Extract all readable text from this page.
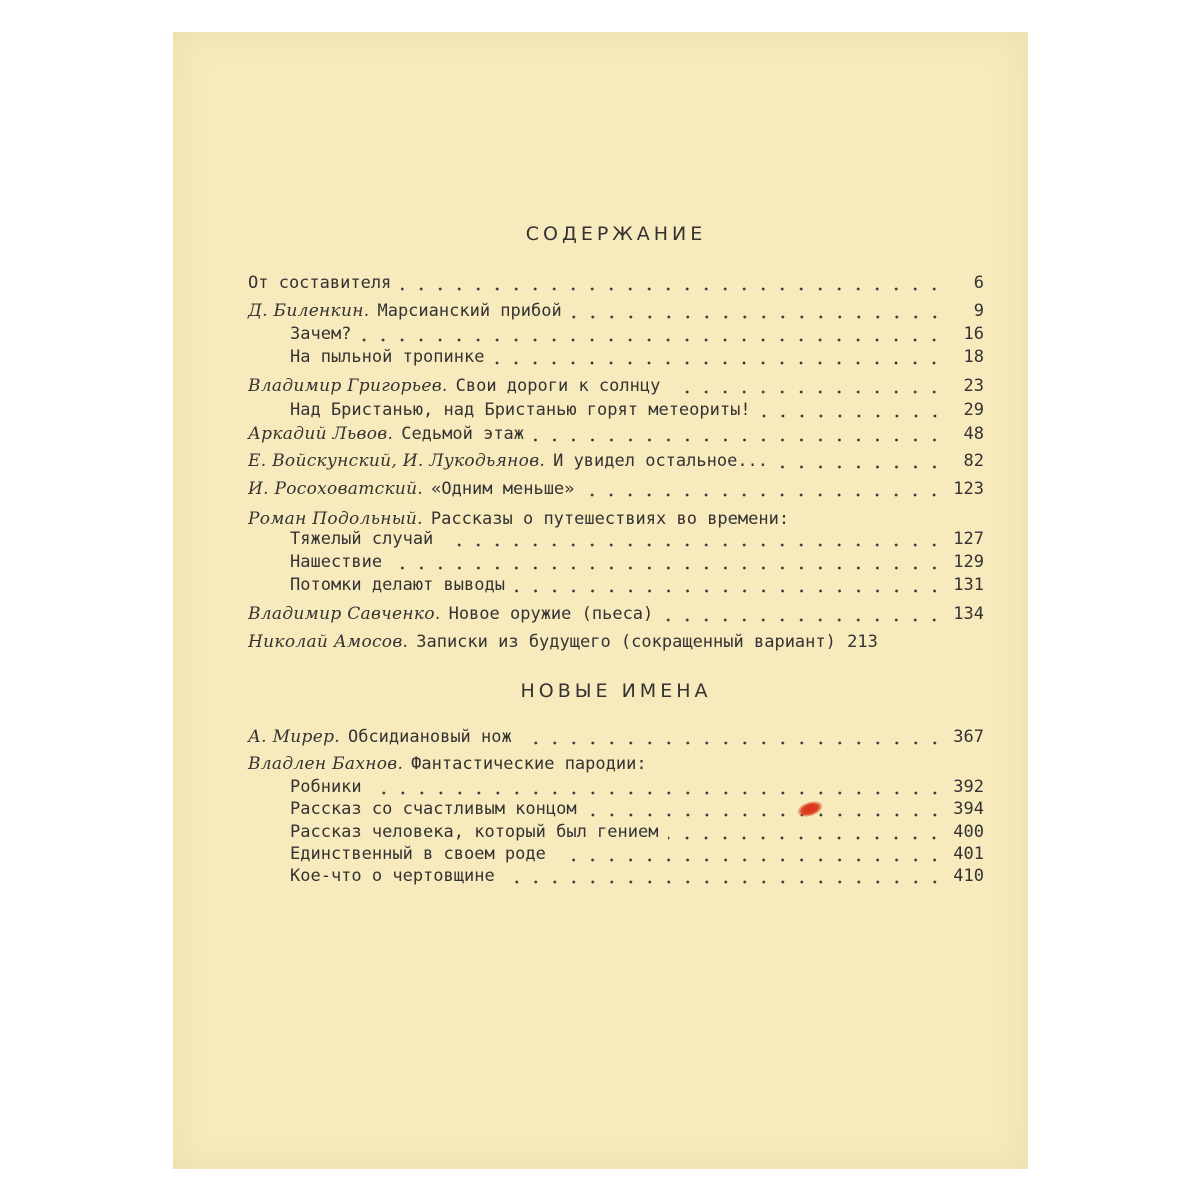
СОДЕРЖАНИЕ
От составителя	6
Д. Биленкин. Марсианский прибой	9
Зачем?	16
На пыльной тропинке	18
Владимир Григорьев. Свои дороги к солнцу	23
Над Бристанью, над Бристанью горят метеориты!	29
Аркадий Львов. Седьмой этаж	48
Е. Войскунский, И. Лукодьянов. И увидел остальное...	82
И. Росоховатский. «Одним меньше»	123
Роман Подольный. Рассказы о путешествиях во времени:
Тяжелый случай	127
Нашествие	129
Потомки делают выводы	131
Владимир Савченко. Новое оружие (пьеса)	134
Николай Амосов. Записки из будущего (сокращенный вариант) 213
НОВЫЕ ИМЕНА
А. Мирер. Обсидиановый нож	367
Владлен Бахнов. Фантастические пародии:
Робники	392
Рассказ со счастливым концом	394
Рассказ человека, который был гением	400
Единственный в своем роде	401
Кое-что о чертовщине	410
